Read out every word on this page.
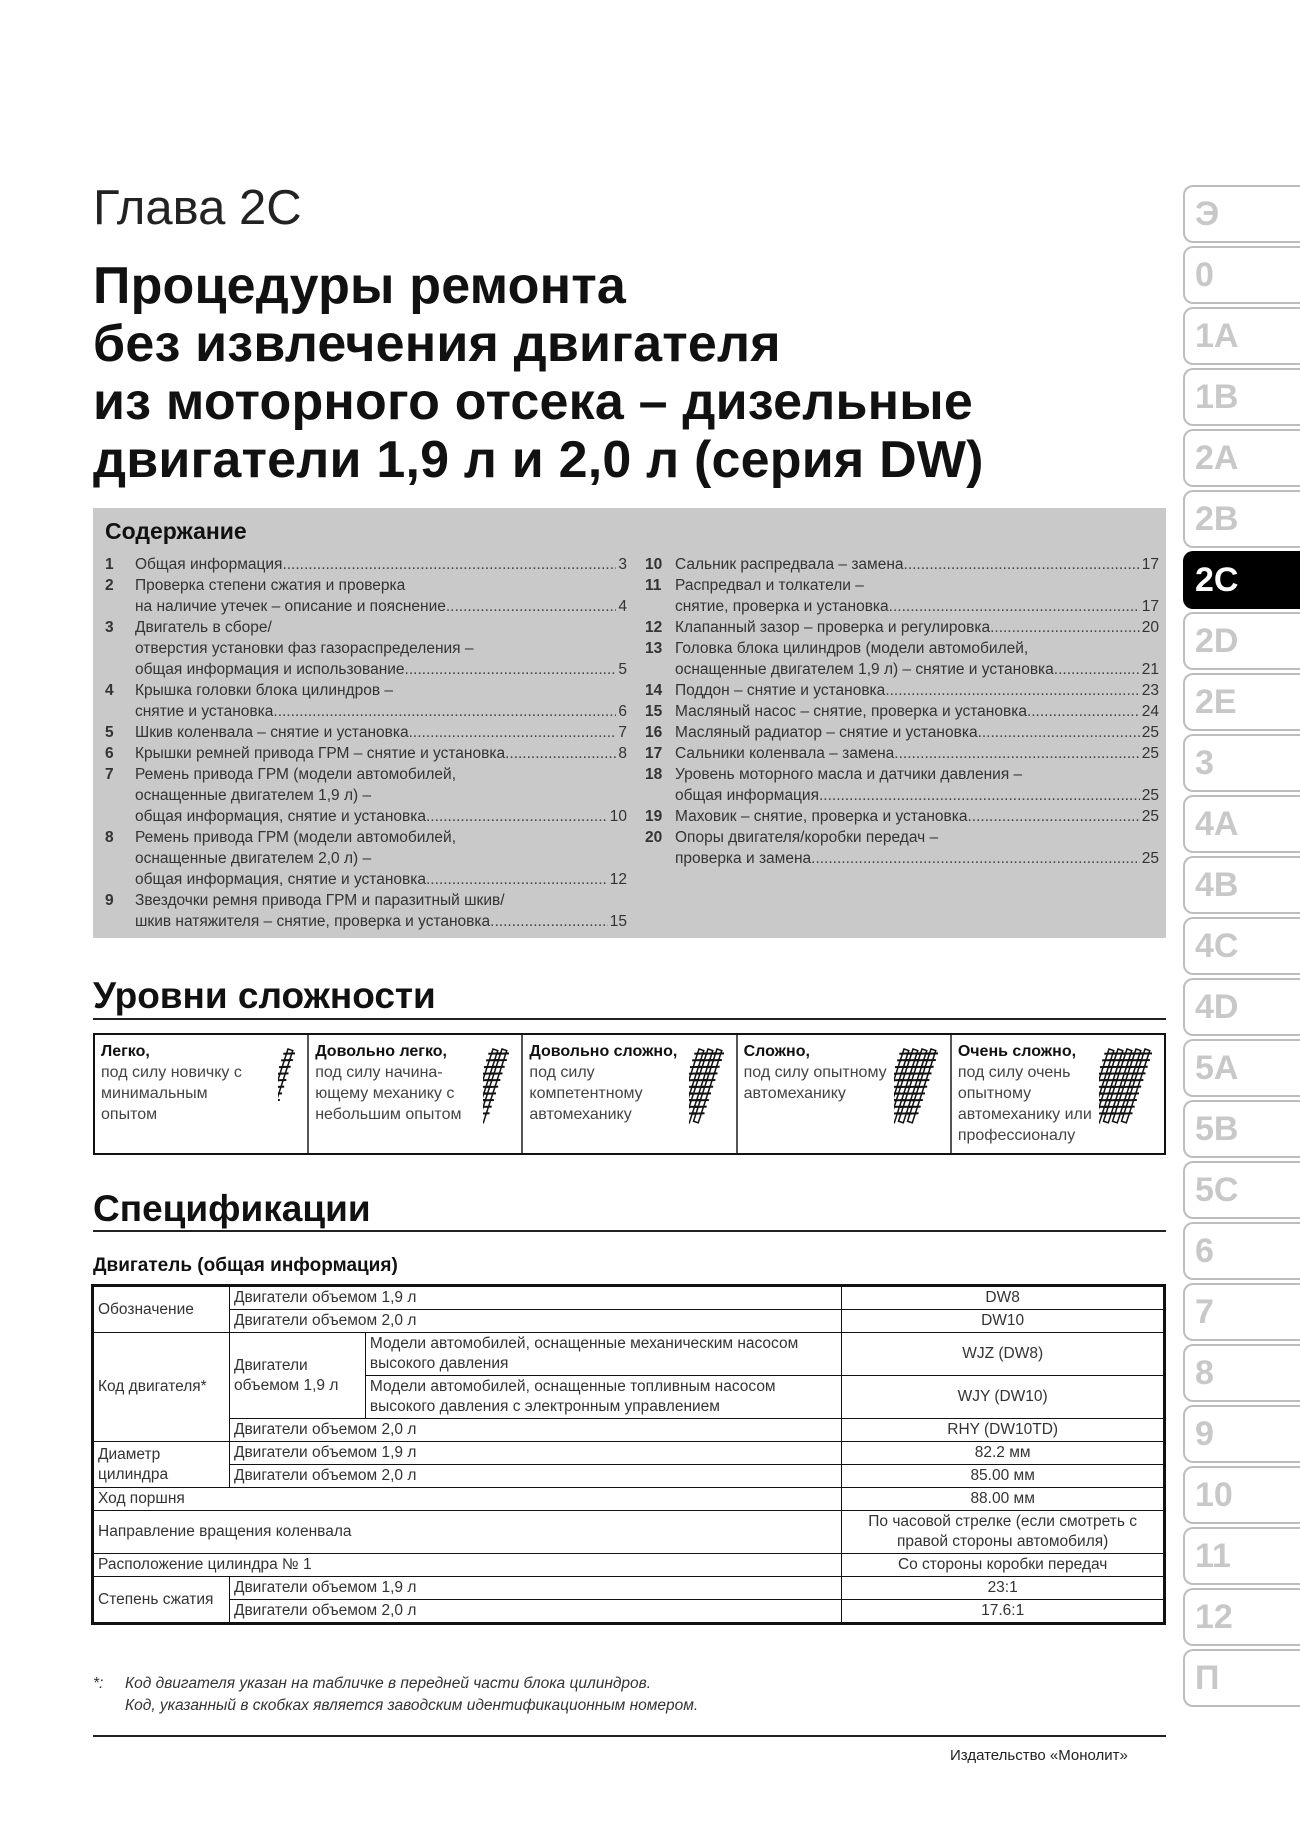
Глава 2C
Процедуры ремонта
без извлечения двигателя
из моторного отсека – дизельные
двигатели 1,9 л и 2,0 л (серия DW)
Содержание
1 Общая информация .....	3
2 Проверка степени сжатия и проверка
на наличие утечек – описание и пояснение .....	4
3 Двигатель в сборе/
отверстия установки фаз газораспределения –
общая информация и использование .....	5
4 Крышка головки блока цилиндров –
снятие и установка .....	6
5 Шкив коленвала – снятие и установка .....	7
6 Крышки ремней привода ГРМ – снятие и установка .....	8
7 Ремень привода ГРМ (модели автомобилей,
оснащенные двигателем 1,9 л) –
общая информация, снятие и установка .....	10
8 Ремень привода ГРМ (модели автомобилей,
оснащенные двигателем 2,0 л) –
общая информация, снятие и установка .....	12
9 Звездочки ремня привода ГРМ и паразитный шкив/
шкив натяжителя – снятие, проверка и установка .....	15
10 Сальник распредвала – замена .....	17
11 Распредвал и толкатели –
снятие, проверка и установка .....	17
12 Клапанный зазор – проверка и регулировка .....	20
13 Головка блока цилиндров (модели автомобилей,
оснащенные двигателем 1,9 л) – снятие и установка .....	21
14 Поддон – снятие и установка .....	23
15 Масляный насос – снятие, проверка и установка .....	24
16 Масляный радиатор – снятие и установка .....	25
17 Сальники коленвала – замена .....	25
18 Уровень моторного масла и датчики давления –
общая информация .....	25
19 Маховик – снятие, проверка и установка .....	25
20 Опоры двигателя/коробки передач –
проверка и замена .....	25
Уровни сложности
Легко,
под силу новичку с минимальным опытом
Довольно легко,
под силу начина-ющему механику с небольшим опытом
Довольно сложно,
под силу компетентному автомеханику
Сложно,
под силу опытному автомеханику
Очень сложно,
под силу очень опытному автомеханику или профессионалу
Спецификации
Двигатель (общая информация)
Обозначение	Двигатели объемом 1,9 л		DW8
	Двигатели объемом 2,0 л		DW10
Код двигателя*	Двигатели объемом 1,9 л	Модели автомобилей, оснащенные механическим насосом высокого давления	WJZ (DW8)
		Модели автомобилей, оснащенные топливным насосом высокого давления с электронным управлением	WJY (DW10)
	Двигатели объемом 2,0 л		RHY (DW10TD)
Диаметр цилиндра	Двигатели объемом 1,9 л		82.2 мм
	Двигатели объемом 2,0 л		85.00 мм
Ход поршня			88.00 мм
Направление вращения коленвала			По часовой стрелке (если смотреть с правой стороны автомобиля)
Расположение цилиндра № 1			Со стороны коробки передач
Степень сжатия	Двигатели объемом 1,9 л		23:1
	Двигатели объемом 2,0 л		17.6:1
*:	Код двигателя указан на табличке в передней части блока цилиндров.
Код, указанный в скобках является заводским идентификационным номером.
Издательство «Монолит»
Э
0
1A
1B
2A
2B
2C
2D
2E
3
4A
4B
4C
4D
5A
5B
5C
6
7
8
9
10
11
12
П
